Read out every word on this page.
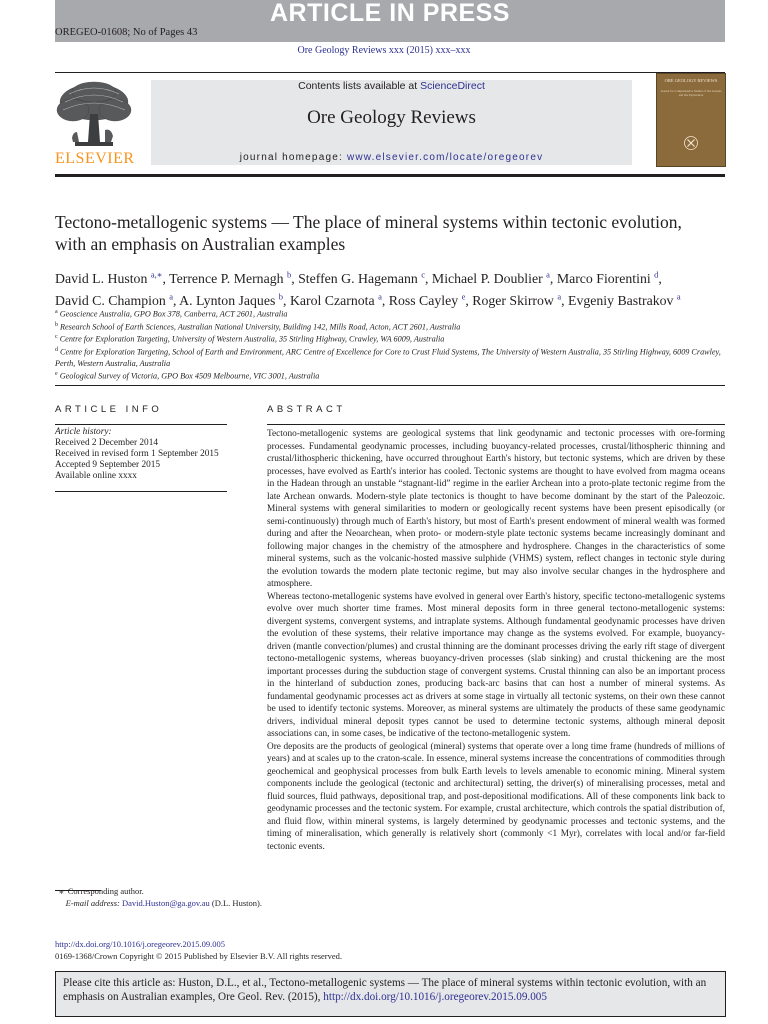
ARTICLE IN PRESS
OREGEO-01608; No of Pages 43
Ore Geology Reviews xxx (2015) xxx–xxx
ELSEVIER
Contents lists available at ScienceDirect
Ore Geology Reviews
journal homepage: www.elsevier.com/locate/oregeorev
ORE GEOLOGY REVIEWS
Journal for Comprehensive Studies of Ore Genesis and Ore Exploration
Tectono-metallogenic systems — The place of mineral systems within tectonic evolution, with an emphasis on Australian examples
David L. Huston $^{a,∗}$, Terrence P. Mernagh $^b$, Steffen G. Hagemann $^c$, Michael P. Doublier $^a$, Marco Fiorentini $^d$,
David C. Champion $^a$, A. Lynton Jaques $^b$, Karol Czarnota $^a$, Ross Cayley $^e$, Roger Skirrow $^a$, Evgeniy Bastrakov $^a$

$^a$ Geoscience Australia, GPO Box 378, Canberra, ACT 2601, Australia

$^b$ Research School of Earth Sciences, Australian National University, Building 142, Mills Road, Acton, ACT 2601, Australia

$^c$ Centre for Exploration Targeting, University of Western Australia, 35 Stirling Highway, Crawley, WA 6009, Australia

$^d$ Centre for Exploration Targeting, School of Earth and Environment, ARC Centre of Excellence for Core to Crust Fluid Systems, The University of Western Australia, 35 Stirling Highway, 6009 Crawley, Perth, Western Australia, Australia

$^e$ Geological Survey of Victoria, GPO Box 4509 Melbourne, VIC 3001, Australia

ARTICLE INFO
Article history:
Received 2 December 2014
Received in revised form 1 September 2015
Accepted 9 September 2015
Available online xxxx
ABSTRACT

Tectono-metallogenic systems are geological systems that link geodynamic and tectonic processes with ore-forming processes. Fundamental geodynamic processes, including buoyancy-related processes, crustal/lithospheric thinning and crustal/lithospheric thickening, have occurred throughout Earth's history, but tectonic systems, which are driven by these processes, have evolved as Earth's interior has cooled. Tectonic systems are thought to have evolved from magma oceans in the Hadean through an unstable “stagnant-lid” regime in the earlier Archean into a proto-plate tectonic regime from the late Archean onwards. Modern-style plate tectonics is thought to have become dominant by the start of the Paleozoic. Mineral systems with general similarities to modern or geologically recent systems have been present episodically (or semi-continuously) through much of Earth's history, but most of Earth's present endowment of mineral wealth was formed during and after the Neoarchean, when proto- or modern-style plate tectonic systems became increasingly dominant and following major changes in the chemistry of the atmosphere and hydrosphere. Changes in the characteristics of some mineral systems, such as the volcanic-hosted massive sulphide (VHMS) system, reflect changes in tectonic style during the evolution towards the modern plate tectonic regime, but may also involve secular changes in the hydrosphere and atmosphere.

Whereas tectono-metallogenic systems have evolved in general over Earth's history, specific tectono-metallogenic systems evolve over much shorter time frames. Most mineral deposits form in three general tectono-metallogenic systems: divergent systems, convergent systems, and intraplate systems. Although fundamental geodynamic processes have driven the evolution of these systems, their relative importance may change as the systems evolved. For example, buoyancy-driven (mantle convection/plumes) and crustal thinning are the dominant processes driving the early rift stage of divergent tectono-metallogenic systems, whereas buoyancy-driven processes (slab sinking) and crustal thickening are the most important processes during the subduction stage of convergent systems. Crustal thinning can also be an important process in the hinterland of subduction zones, producing back-arc basins that can host a number of mineral systems. As fundamental geodynamic processes act as drivers at some stage in virtually all tectonic systems, on their own these cannot be used to identify tectonic systems. Moreover, as mineral systems are ultimately the products of these same geodynamic drivers, individual mineral deposit types cannot be used to determine tectonic systems, although mineral deposit associations can, in some cases, be indicative of the tectono-metallogenic system.

Ore deposits are the products of geological (mineral) systems that operate over a long time frame (hundreds of millions of years) and at scales up to the craton-scale. In essence, mineral systems increase the concentrations of commodities through geochemical and geophysical processes from bulk Earth levels to levels amenable to economic mining. Mineral system components include the geological (tectonic and architectural) setting, the driver(s) of mineralising processes, metal and fluid sources, fluid pathways, depositional trap, and post-depositional modifications. All of these components link back to geodynamic processes and the tectonic system. For example, crustal architecture, which controls the spatial distribution of, and fluid flow, within mineral systems, is largely determined by geodynamic processes and tectonic systems, and the timing of mineralisation, which generally is relatively short (commonly <1 Myr), correlates with local and/or far-field tectonic events.

⁎ Corresponding author.
E-mail address: David.Huston@ga.gov.au (D.L. Huston).
http://dx.doi.org/10.1016/j.oregeorev.2015.09.005
0169-1368/Crown Copyright © 2015 Published by Elsevier B.V. All rights reserved.
Please cite this article as: Huston, D.L., et al., Tectono-metallogenic systems — The place of mineral systems within tectonic evolution, with an emphasis on Australian examples, Ore Geol. Rev. (2015), http://dx.doi.org/10.1016/j.oregeorev.2015.09.005
